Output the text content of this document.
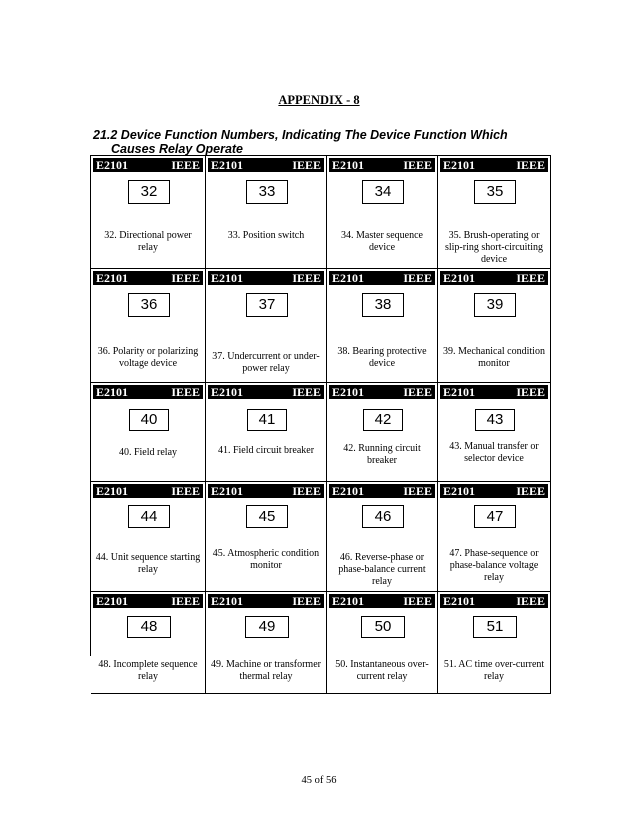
APPENDIX - 8
21.2 Device Function Numbers, Indicating The Device Function Which
Causes Relay Operate
E2101	IEEE
32
32. Directional power relay
E2101	IEEE
33
33. Position switch
E2101	IEEE
34
34. Master sequence device
E2101	IEEE
35
35. Brush-operating or slip-ring short-circuiting device
E2101	IEEE
36
36. Polarity or polarizing voltage device
E2101	IEEE
37
37. Undercurrent or under-power relay
E2101	IEEE
38
38. Bearing protective device
E2101	IEEE
39
39. Mechanical condition monitor
E2101	IEEE
40
40. Field relay
E2101	IEEE
41
41. Field circuit breaker
E2101	IEEE
42
42. Running circuit breaker
E2101	IEEE
43
43. Manual transfer or selector device
E2101	IEEE
44
44. Unit sequence starting relay
E2101	IEEE
45
45. Atmospheric condition monitor
E2101	IEEE
46
46. Reverse-phase or phase-balance current relay
E2101	IEEE
47
47. Phase-sequence or phase-balance voltage relay
E2101	IEEE
48
48. Incomplete sequence relay
E2101	IEEE
49
49. Machine or transformer thermal relay
E2101	IEEE
50
50. Instantaneous over-current relay
E2101	IEEE
51
51. AC time over-current relay
45 of 56
